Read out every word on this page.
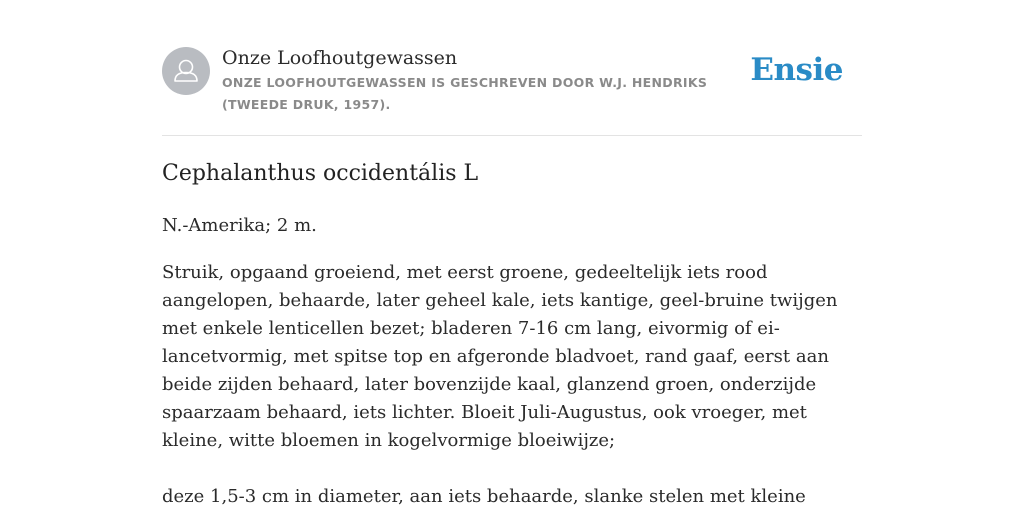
Onze Loofhoutgewassen
ONZE LOOFHOUTGEWASSEN IS GESCHREVEN DOOR W.J. HENDRIKS (TWEEDE DRUK, 1957).
Ensie
Cephalanthus occidentális L

N.-Amerika; 2 m.

Struik, opgaand groeiend, met eerst groene, gedeeltelijk iets rood aangelopen, behaarde, later geheel kale, iets kantige, geel-bruine twijgen met enkele lenticellen bezet; bladeren 7-16 cm lang, eivormig of ei-lancetvormig, met spitse top en afgeronde bladvoet, rand gaaf, eerst aan beide zijden behaard, later bovenzijde kaal, glanzend groen, onderzijde spaarzaam behaard, iets lichter. Bloeit Juli-Augustus, ook vroeger, met kleine, witte bloemen in kogelvormige bloeiwijze;

deze 1,5-3 cm in diameter, aan iets behaarde, slanke stelen met kleine
